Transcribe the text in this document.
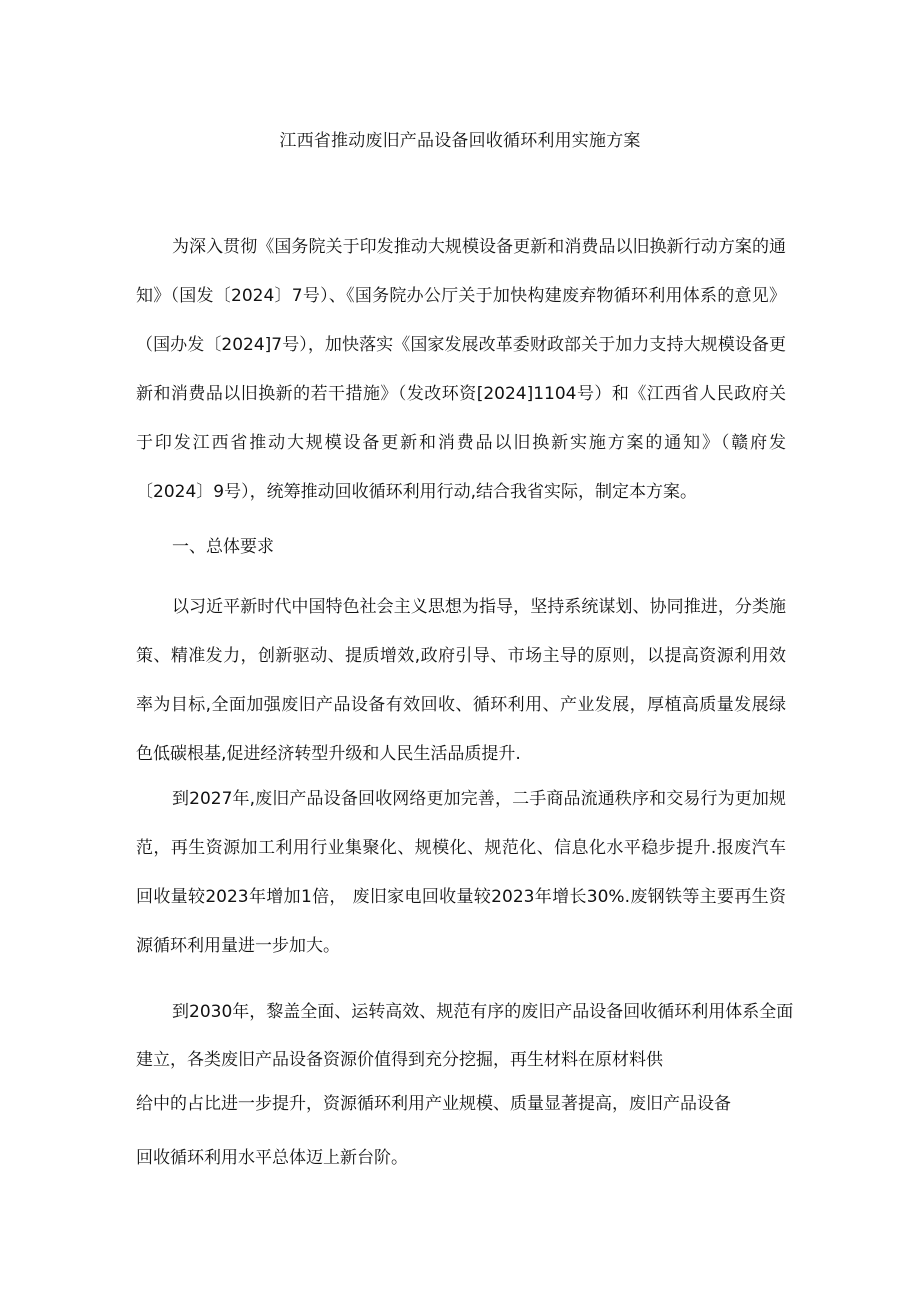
江西省推动废旧产品设备回收循环利用实施方案

为深入贯彻《国务院关于印发推动大规模设备更新和消费品以旧换新行动方案的通知》（国发〔2024〕7号）、《国务院办公厅关于加快构建废弃物循环利用体系的意见》（国办发〔2024]7号），加快落实《国家发展改革委财政部关于加力支持大规模设备更新和消费品以旧换新的若干措施》（发改环资[2024]1104号）和《江西省人民政府关于印发江西省推动大规模设备更新和消费品以旧换新实施方案的通知》（赣府发〔2024〕9号），统筹推动回收循环利用行动,结合我省实际，制定本方案。

一、总体要求

以习近平新时代中国特色社会主义思想为指导，坚持系统谋划、协同推进，分类施策、精准发力，创新驱动、提质增效,政府引导、市场主导的原则，以提高资源利用效率为目标,全面加强废旧产品设备有效回收、循环利用、产业发展，厚植高质量发展绿色低碳根基,促进经济转型升级和人民生活品质提升.

到2027年,废旧产品设备回收网络更加完善，二手商品流通秩序和交易行为更加规范，再生资源加工利用行业集聚化、规模化、规范化、信息化水平稳步提升.报废汽车回收量较2023年增加1倍， 废旧家电回收量较2023年增长30%.废钢铁等主要再生资源循环利用量进一步加大。

到2030年，黎盖全面、运转高效、规范有序的废旧产品设备回收循环利用体系全面

建立，各类废旧产品设备资源价值得到充分挖掘，再生材料在原材料供

给中的占比进一步提升，资源循环利用产业规模、质量显著提高，废旧产品设备

回收循环利用水平总体迈上新台阶。
